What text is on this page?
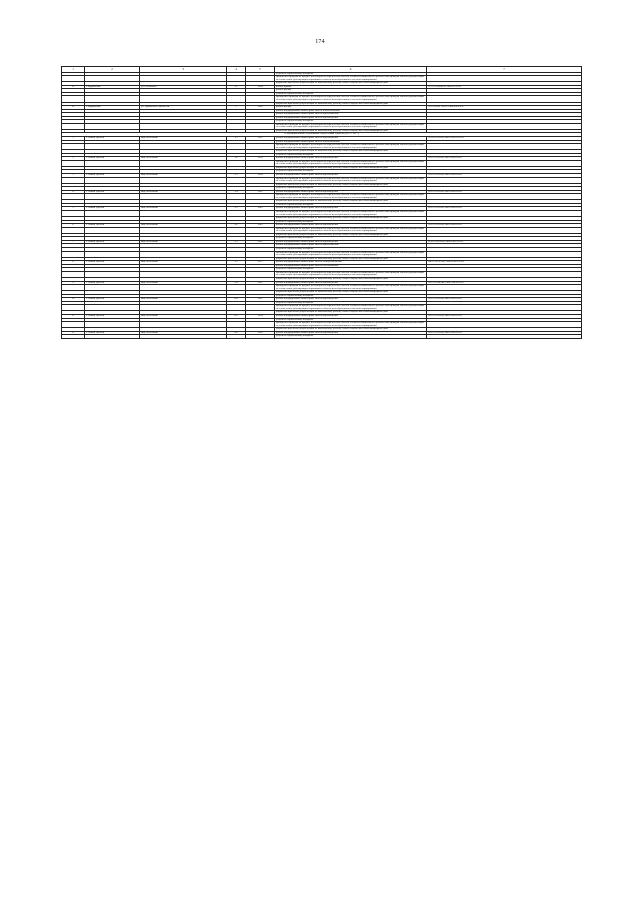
174
1	2	3	4	5	6	7
					услуги по строительному контролю	
					проведение проверки на предмет достоверности определения сметной стоимости капитального ремонта или проверки сметной документации на соответствие действующим нормативам в области ценообразования в сметном нормировании	
					разработка проектной документации на капитальному ремонту общего имущества в многоквартирном доме	
22	г. Муравленко	ул. Российская	52	1994	ремонт крыши	П-7-5-П-(Ш)ПП-СЖБ-6-0-0-0-0
					ремонт фасада	
					услуги по строительному контролю	
					проведение проверки на предмет достоверности определения сметной стоимости капитального ремонта или проверки сметной документации на соответствие действующим нормативам в области ценообразования в сметном нормировании	
					разработка проектной документации на капитальному ремонту общего имущества в многоквартирном доме	
23	г. Муравленко	ул. Украинских строителей	1	1996	ремонт фасада	П-5-5-(Ш)-ГП-ПП-СЖБ-6-0-0-0-0
					ремонт внутридомовых инженерных систем теплоснабжения	
					ремонт внутридомовых инженерных систем водоснабжения	
					ремонт внутридомовых инженерных систем водоотведения	
					услуги по строительному контролю	
					проведение проверки на предмет достоверности определения сметной стоимости капитального ремонта или проверки сметной документации на соответствие действующим нормативам в области ценообразования в сметном нормировании	
					разработка проектной документации на капитальному ремонту общего имущества в многоквартирном доме	
8. Муниципальное образование город Новый Уренгой (2015 - 2017)						
1	г. Новый Уренгой	мкр. Восточный	1/3	1993	ремонт внутридомовых инженерных систем водоотведения	П-5-4-П-8-ПЦ-СЖБ-5/М-0-0-0-0-0
					ремонт внутридомовых инженерных систем теплоснабжения	
					проведение проверки на предмет достоверности определения сметной стоимости капитального ремонта или проверки сметной документации на соответствие действующим нормативам в области ценообразования в сметном нормировании	
					разработка проектной документации на капитальному ремонту общего имущества в многоквартирном доме	
					услуги по строительному контролю	
2	г. Новый Уренгой	мкр. Восточный	1/6	1994	ремонт внутридомовых инженерных систем водоотведения	П-9-3-П-8-ПЦ-СЖБ-3/М-0-0-0-0
					проведение проверки на предмет достоверности определения сметной стоимости капитального ремонта или проверки сметной документации на соответствие действующим нормативам в области ценообразования в сметном нормировании	
					разработка проектной документации на капитальному ремонту общего имущества в многоквартирном доме	
					услуги по строительному контролю	
3	г. Новый Уренгой	мкр. Восточный	2/3	1994	ремонт внутридомовых инженерных систем водоотведения	П-9-5-П-8-ПЦ-СЖБ-5/М-0-0-0-0
					проведение проверки на предмет достоверности определения сметной стоимости капитального ремонта или проверки сметной документации на соответствие действующим нормативам в области ценообразования в сметном нормировании	
					разработка проектной документации на капитальному ремонту общего имущества в многоквартирном доме	
					услуги по строительному контролю	
4	г. Новый Уренгой	мкр. Восточный	2/4	1995	ремонт внутридомовых инженерных систем водоотведения	П-9-3-П-8-ПЦ-СЖБ-3/М-0-0-0-0
					проведение проверки на предмет достоверности определения сметной стоимости капитального ремонта или проверки сметной документации на соответствие действующим нормативам в области ценообразования в сметном нормировании	
					разработка проектной документации на капитальному ремонту общего имущества в многоквартирном доме	
					услуги по строительному контролю	
5	г. Новый Уренгой	мкр. Восточный	2/5	1989	ремонт внутридомовых инженерных систем водоотведения	П-9-2-П-8-ПЦ-СЖБ-2/М-0-0-0-0
					проведение проверки на предмет достоверности определения сметной стоимости капитального ремонта или проверки сметной документации на соответствие действующим нормативам в области ценообразования в сметном нормировании	
					разработка проектной документации на капитальному ремонту общего имущества в многоквартирном доме	
					услуги по строительному контролю	
6	г. Новый Уренгой	мкр. Восточный	2/6	1989	ремонт внутридомовых инженерных систем водоотведения	П-9-2-П-8-ПЦ-СЖБ-2/М-0-0-0-0
					проведение проверки на предмет достоверности определения сметной стоимости капитального ремонта или проверки сметной документации на соответствие действующим нормативам в области ценообразования в сметном нормировании	
					разработка проектной документации на капитальному ремонту общего имущества в многоквартирном доме	
					услуги по строительному контролю	
7	г. Новый Уренгой	мкр. Восточный	3/3	2003	ремонт внутридомовых инженерных систем водоотведения	П-10-3-П-9-ПЦ-СЖБ-3/М-0-0-0-0
					ремонт внутридомовых инженерных систем водоснабжения	
					услуги по строительному контролю	
					проведение проверки на предмет достоверности определения сметной стоимости капитального ремонта или проверки сметной документации на соответствие действующим нормативам в области ценообразования в сметном нормировании	
					разработка проектной документации на капитальному ремонту общего имущества в многоквартирном доме	
8	г. Новый Уренгой	мкр. Восточный	3/5	2015	ремонт внутридомовых инженерных систем электроснабжения	ПК-9-3-П-9-ПЦ-СЖБ-П-М-0-0-0-0
					ремонт внутридомовых инженерных систем газоснабжения	
					услуги по строительному контролю	
					проведение проверки на предмет достоверности определения сметной стоимости капитального ремонта или проверки сметной документации на соответствие действующим нормативам в области ценообразования в сметном нормировании	
					разработка проектной документации на капитальному ремонту общего имущества в многоквартирном доме	
9	г. Новый Уренгой	мкр. Восточный	5/4	2005	ремонт внутридомовых инженерных систем водоотведения	П-9-1-П-9м-ПЦ-СЖБ-3/М-0-0-0-0
					проведение проверки на предмет достоверности определения сметной стоимости капитального ремонта или проверки сметной документации на соответствие действующим нормативам в области ценообразования в сметном нормировании	
					разработка проектной документации на капитальному ремонту общего имущества в многоквартирном доме	
					услуги по строительному контролю	
10	г. Новый Уренгой	мкр. Восточный	6/4	1992	ремонт внутридомовых инженерных систем водоотведения	П-9-2-П-8-ПЦ-СЖБ-3/М-0-0-0-0
					услуги по строительному контролю	
					проведение проверки на предмет достоверности определения сметной стоимости капитального ремонта или проверки сметной документации на соответствие действующим нормативам в области ценообразования в сметном нормировании	
					разработка проектной документации на капитальному ремонту общего имущества в многоквартирном доме	
11	г. Новый Уренгой	мкр. Восточный	8/5	1994	ремонт внутридомовых инженерных систем водоотведения	П-9-2-П-8-ПЦ-СЖБ-2/М-0-0-0-0
					услуги по строительному контролю	
					проведение проверки на предмет достоверности определения сметной стоимости капитального ремонта или проверки сметной документации на соответствие действующим нормативам в области ценообразования в сметном нормировании	
					разработка проектной документации на капитальному ремонту общего имущества в многоквартирном доме	
12	г. Новый Уренгой	мкр. Восточный	8/6	1996	ремонт внутридомовых инженерных систем водоотведения	П-9-2-П-8-ПЦ-СЖБ-2/М-0-0-0-0
					услуги по строительному контролю	
